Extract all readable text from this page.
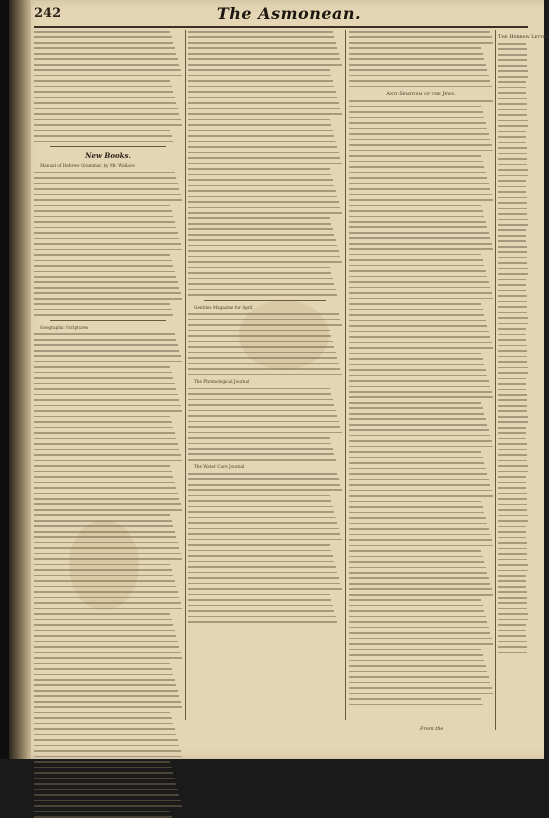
242	The Asmonean.
New Books.

Manual of Hebrew Grammar, by Mr. Wallace

Geographic Scriptures

Gentiles Magazine for April

The Phrenological Journal

The Water Cure Journal

Anti-Semitism of the Jews.
The Hebrew Letter
From the
